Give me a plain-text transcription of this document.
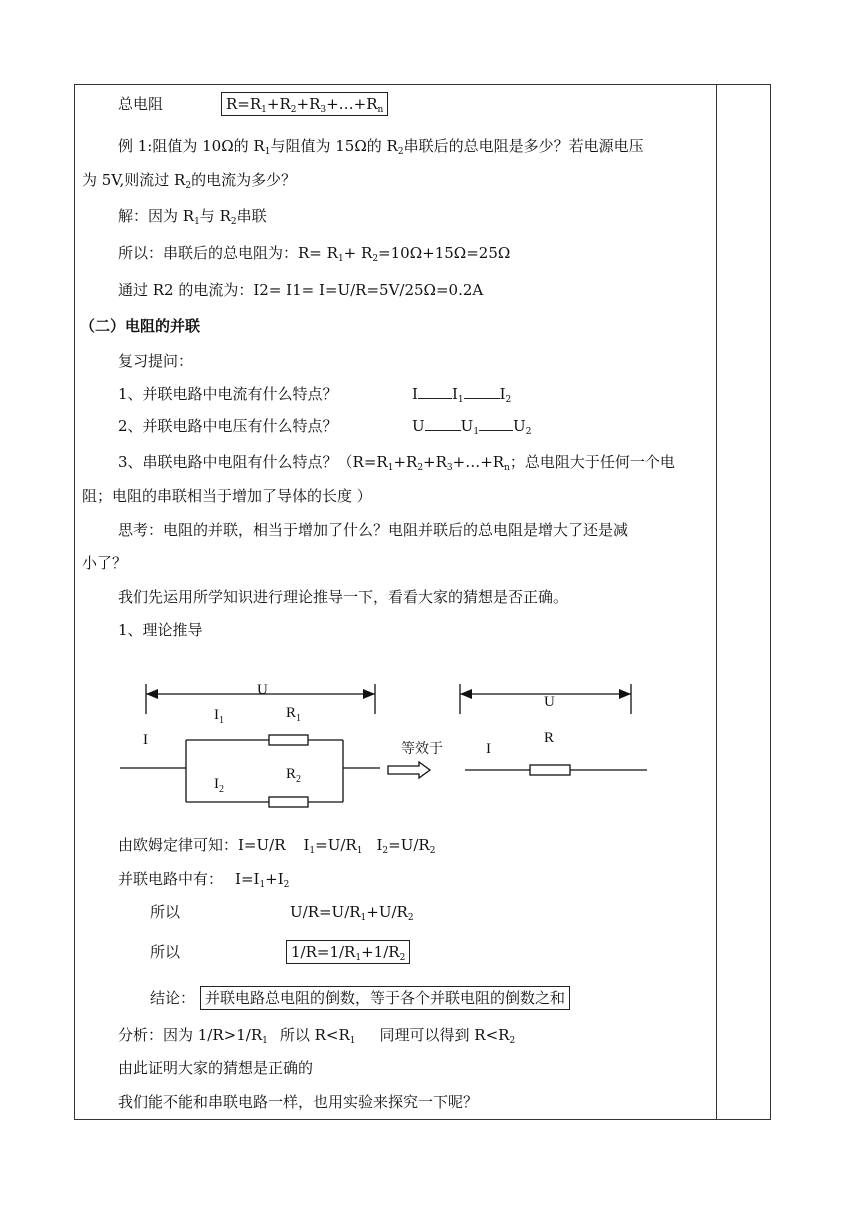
总电阻	$R=R_1+R_2+R_3+\dots+R_n$
例 1:阻值为 10Ω的 $R_1$与阻值为 15Ω的 $R_2$串联后的总电阻是多少？若电源电压
为 5V,则流过 $R_2$的电流为多少？
解：因为 $R_1$与 $R_2$串联
所以：串联后的总电阻为：$R= R_1+ R_2=10\Omega+15\Omega=25\Omega$
通过 R2 的电流为：I2= I1= I=U/R=5V/25Ω=0.2A
（二）电阻的并联
复习提问：
1、并联电路中电流有什么特点？	I $I_1$ $I_2$
2、并联电路中电压有什么特点？	U $U_1$ $U_2$
3、串联电路中电阻有什么特点？（$R=R_1+R_2+R_3+\dots+R_n$；总电阻大于任何一个电
阻；电阻的串联相当于增加了导体的长度 ）
思考：电阻的并联，相当于增加了什么？电阻并联后的总电阻是增大了还是减
小了？
我们先运用所学知识进行理论推导一下，看看大家的猜想是否正确。
1、理论推导
U
$I_1$	$R_1$
I
$R_2$
$I_2$
等效于
U
I
R
由欧姆定律可知：I=U/R $I_1=U/R_1$ $I_2=U/R_2$
并联电路中有： $I=I_1+I_2$
所以	$U/R=U/R_1+U/R_2$
所以	$1/R=1/R_1+1/R_2$
结论： 并联电路总电阻的倒数，等于各个并联电阻的倒数之和
分析：因为 $1/R>1/R_1$ 所以 $R<R_1$ 同理可以得到 $R<R_2$
由此证明大家的猜想是正确的
我们能不能和串联电路一样，也用实验来探究一下呢？
